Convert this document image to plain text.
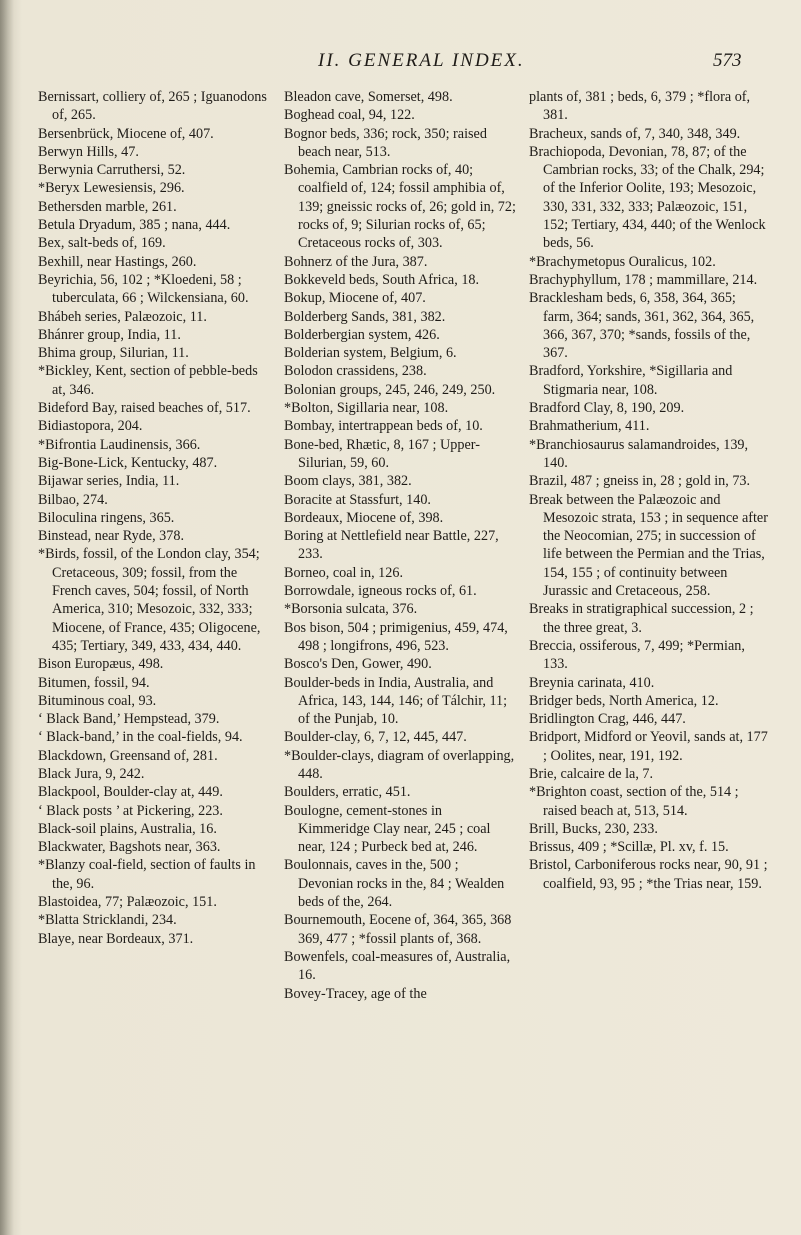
II. GENERAL INDEX.	573

Bernissart, colliery of, 265 ; Iguanodons of, 265.

Bersenbrück, Miocene of, 407.

Berwyn Hills, 47.

Berwynia Carruthersi, 52.

*Beryx Lewesiensis, 296.

Bethersden marble, 261.

Betula Dryadum, 385 ; nana, 444.

Bex, salt-beds of, 169.

Bexhill, near Hastings, 260.

Beyrichia, 56, 102 ; *Kloedeni, 58 ; tuberculata, 66 ; Wilckensiana, 60.

Bhábeh series, Palæozoic, 11.

Bhánrer group, India, 11.

Bhima group, Silurian, 11.

*Bickley, Kent, section of pebble-beds at, 346.

Bideford Bay, raised beaches of, 517.

Bidiastopora, 204.

*Bifrontia Laudinensis, 366.

Big-Bone-Lick, Kentucky, 487.

Bijawar series, India, 11.

Bilbao, 274.

Biloculina ringens, 365.

Binstead, near Ryde, 378.

*Birds, fossil, of the London clay, 354; Cretaceous, 309; fossil, from the French caves, 504; fossil, of North America, 310; Mesozoic, 332, 333; Miocene, of France, 435; Oligocene, 435; Tertiary, 349, 433, 434, 440.

Bison Europæus, 498.

Bitumen, fossil, 94.

Bituminous coal, 93.

‘ Black Band,’ Hempstead, 379.

‘ Black-band,’ in the coal-fields, 94.

Blackdown, Greensand of, 281.

Black Jura, 9, 242.

Blackpool, Boulder-clay at, 449.

‘ Black posts ’ at Pickering, 223.

Black-soil plains, Australia, 16.

Blackwater, Bagshots near, 363.

*Blanzy coal-field, section of faults in the, 96.

Blastoidea, 77; Palæozoic, 151.

*Blatta Stricklandi, 234.

Blaye, near Bordeaux, 371.

Bleadon cave, Somerset, 498.

Boghead coal, 94, 122.

Bognor beds, 336; rock, 350; raised beach near, 513.

Bohemia, Cambrian rocks of, 40; coalfield of, 124; fossil amphibia of, 139; gneissic rocks of, 26; gold in, 72; rocks of, 9; Silurian rocks of, 65; Cretaceous rocks of, 303.

Bohnerz of the Jura, 387.

Bokkeveld beds, South Africa, 18.

Bokup, Miocene of, 407.

Bolderberg Sands, 381, 382.

Bolderbergian system, 426.

Bolderian system, Belgium, 6.

Bolodon crassidens, 238.

Bolonian groups, 245, 246, 249, 250.

*Bolton, Sigillaria near, 108.

Bombay, intertrappean beds of, 10.

Bone-bed, Rhætic, 8, 167 ; Upper-Silurian, 59, 60.

Boom clays, 381, 382.

Boracite at Stassfurt, 140.

Bordeaux, Miocene of, 398.

Boring at Nettlefield near Battle, 227, 233.

Borneo, coal in, 126.

Borrowdale, igneous rocks of, 61.

*Borsonia sulcata, 376.

Bos bison, 504 ; primigenius, 459, 474, 498 ; longifrons, 496, 523.

Bosco's Den, Gower, 490.

Boulder-beds in India, Australia, and Africa, 143, 144, 146; of Tálchir, 11; of the Punjab, 10.

Boulder-clay, 6, 7, 12, 445, 447.

*Boulder-clays, diagram of overlapping, 448.

Boulders, erratic, 451.

Boulogne, cement-stones in Kimmeridge Clay near, 245 ; coal near, 124 ; Purbeck bed at, 246.

Boulonnais, caves in the, 500 ; Devonian rocks in the, 84 ; Wealden beds of the, 264.

Bournemouth, Eocene of, 364, 365, 368 369, 477 ; *fossil plants of, 368.

Bowenfels, coal-measures of, Australia, 16.

Bovey-Tracey, age of the

plants of, 381 ; beds, 6, 379 ; *flora of, 381.

Bracheux, sands of, 7, 340, 348, 349.

Brachiopoda, Devonian, 78, 87; of the Cambrian rocks, 33; of the Chalk, 294; of the Inferior Oolite, 193; Mesozoic, 330, 331, 332, 333; Palæozoic, 151, 152; Tertiary, 434, 440; of the Wenlock beds, 56.

*Brachymetopus Ouralicus, 102.

Brachyphyllum, 178 ; mammillare, 214.

Bracklesham beds, 6, 358, 364, 365; farm, 364; sands, 361, 362, 364, 365, 366, 367, 370; *sands, fossils of the, 367.

Bradford, Yorkshire, *Sigillaria and Stigmaria near, 108.

Bradford Clay, 8, 190, 209.

Brahmatherium, 411.

*Branchiosaurus salamandroides, 139, 140.

Brazil, 487 ; gneiss in, 28 ; gold in, 73.

Break between the Palæozoic and Mesozoic strata, 153 ; in sequence after the Neocomian, 275; in succession of life between the Permian and the Trias, 154, 155 ; of continuity between Jurassic and Cretaceous, 258.

Breaks in stratigraphical succession, 2 ; the three great, 3.

Breccia, ossiferous, 7, 499; *Permian, 133.

Breynia carinata, 410.

Bridger beds, North America, 12.

Bridlington Crag, 446, 447.

Bridport, Midford or Yeovil, sands at, 177 ; Oolites, near, 191, 192.

Brie, calcaire de la, 7.

*Brighton coast, section of the, 514 ; raised beach at, 513, 514.

Brill, Bucks, 230, 233.

Brissus, 409 ; *Scillæ, Pl. xv, f. 15.

Bristol, Carboniferous rocks near, 90, 91 ; coalfield, 93, 95 ; *the Trias near, 159.
